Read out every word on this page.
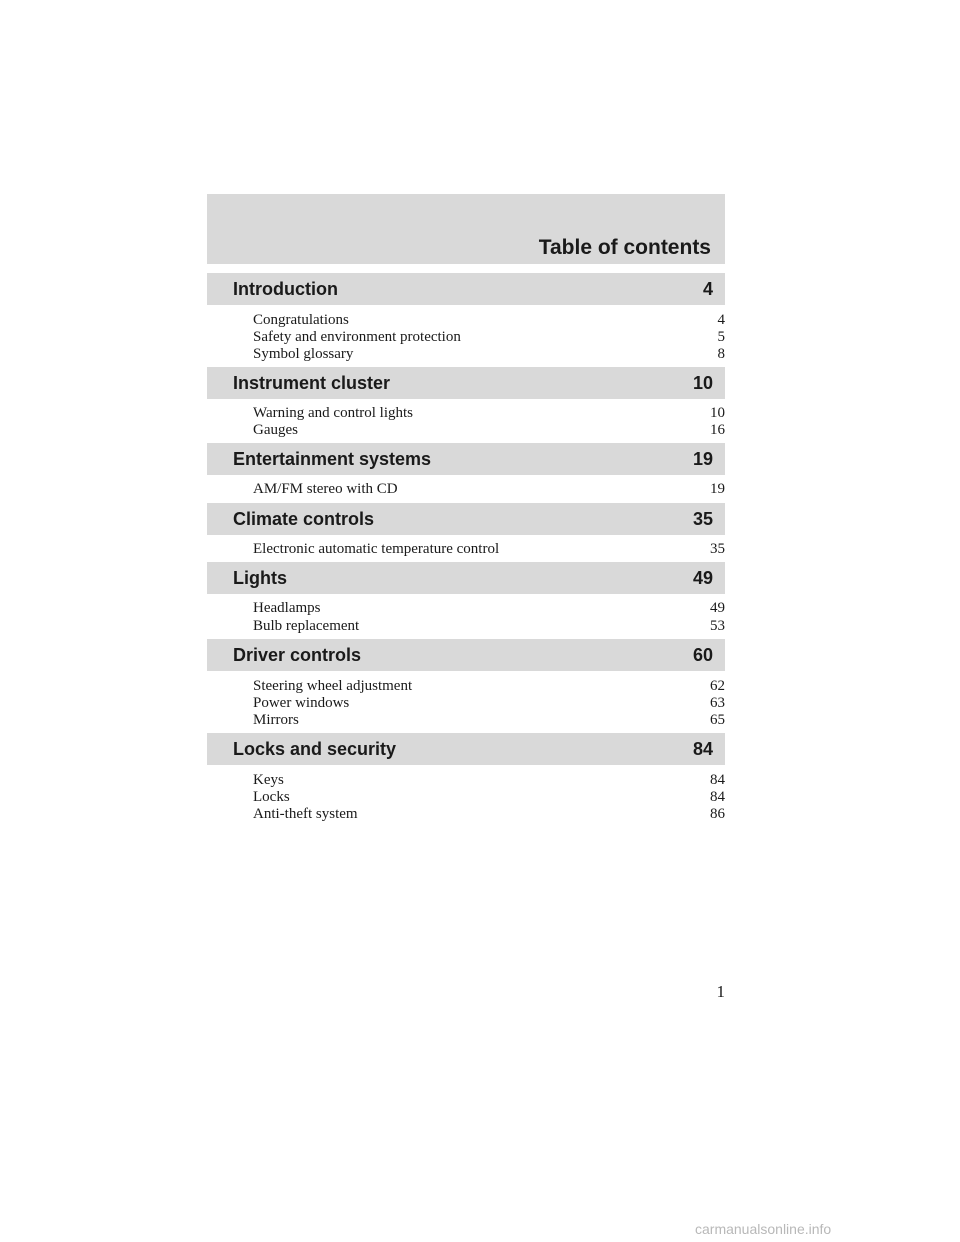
Table of contents
Introduction	4
Congratulations	4
Safety and environment protection	5
Symbol glossary	8
Instrument cluster	10
Warning and control lights	10
Gauges	16
Entertainment systems	19
AM/FM stereo with CD	19
Climate controls	35
Electronic automatic temperature control	35
Lights	49
Headlamps	49
Bulb replacement	53
Driver controls	60
Steering wheel adjustment	62
Power windows	63
Mirrors	65
Locks and security	84
Keys	84
Locks	84
Anti-theft system	86
1
carmanualsonline.info
